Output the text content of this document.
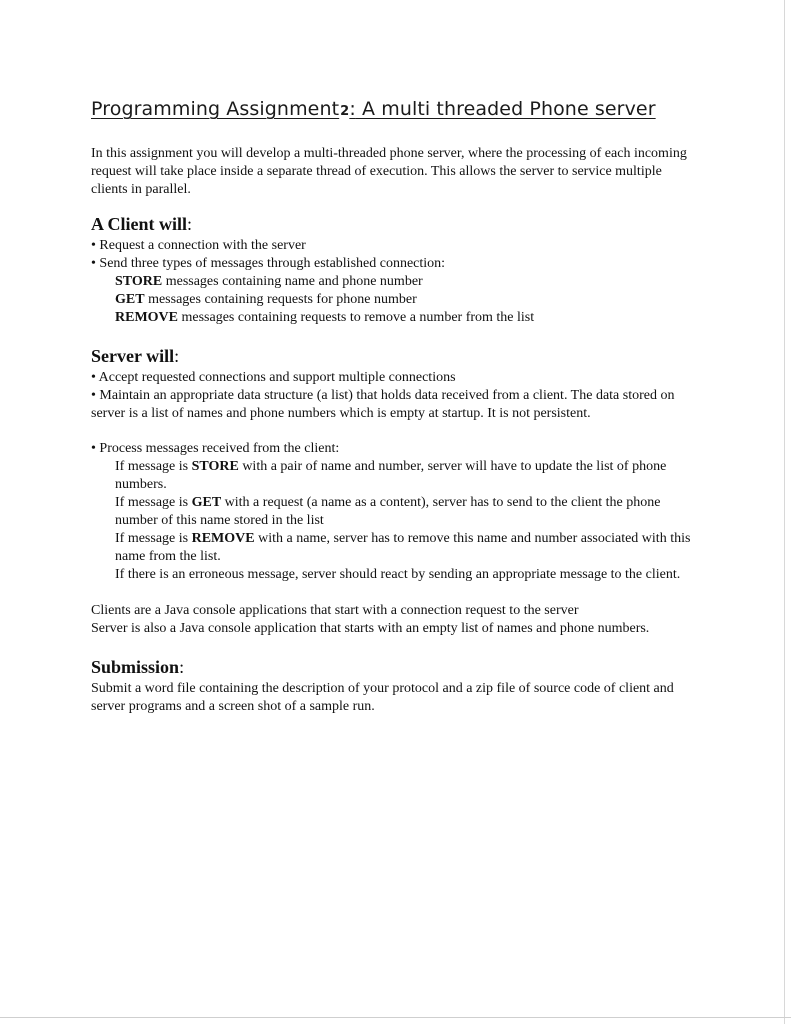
Programming Assignment2: A multi threaded Phone server

In this assignment you will develop a multi-threaded phone server, where the processing of each incoming request will take place inside a separate thread of execution. This allows the server to service multiple clients in parallel.

A Client will:
• Request a connection with the server
• Send three types of messages through established connection:
STORE messages containing name and phone number
GET messages containing requests for phone number
REMOVE messages containing requests to remove a number from the list
Server will:
• Accept requested connections and support multiple connections

• Maintain an appropriate data structure (a list) that holds data received from a client. The data stored on server is a list of names and phone numbers which is empty at startup. It is not persistent.

• Process messages received from the client:

If message is STORE with a pair of name and number, server will have to update the list of phone numbers.

If message is GET with a request (a name as a content), server has to send to the client the phone number of this name stored in the list

If message is REMOVE with a name, server has to remove this name and number associated with this name from the list.

If there is an erroneous message, server should react by sending an appropriate message to the client.

Clients are a Java console applications that start with a connection request to the server

Server is also a Java console application that starts with an empty list of names and phone numbers.

Submission:

Submit a word file containing the description of your protocol and a zip file of source code of client and server programs and a screen shot of a sample run.
